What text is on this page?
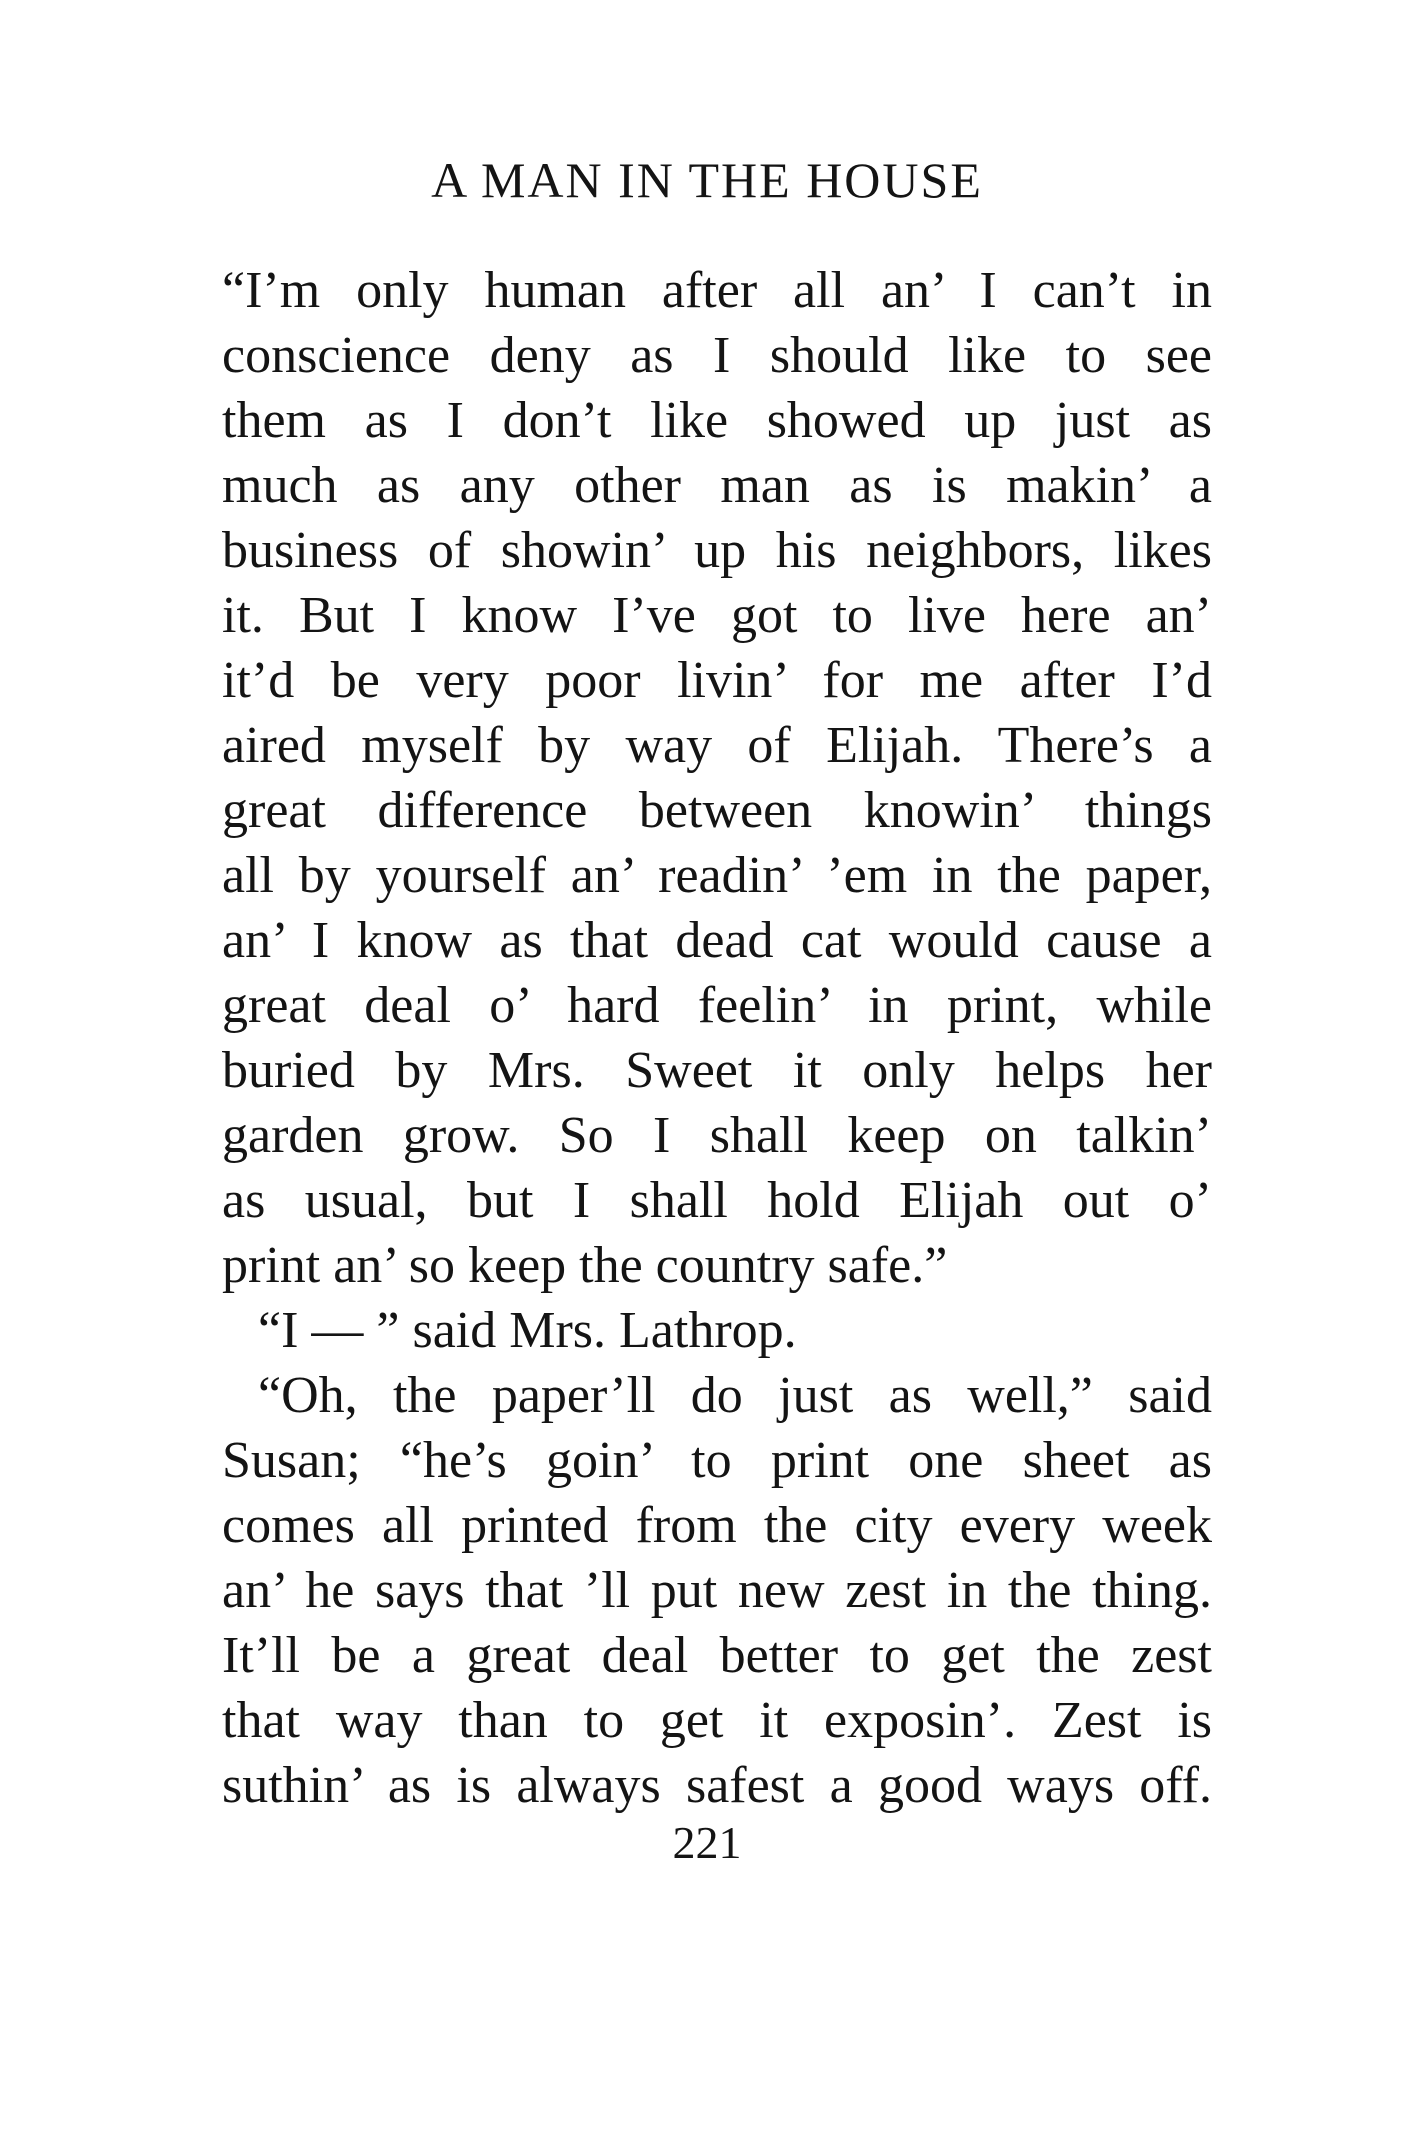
A MAN IN THE HOUSE
“I’m only human after all an’ I can’t in
conscience deny as I should like to see
them as I don’t like showed up just as
much as any other man as is makin’ a
business of showin’ up his neighbors, likes
it. But I know I’ve got to live here an’
it’d be very poor livin’ for me after I’d
aired myself by way of Elijah. There’s a
great difference between knowin’ things
all by yourself an’ readin’ ’em in the paper,
an’ I know as that dead cat would cause a
great deal o’ hard feelin’ in print, while
buried by Mrs. Sweet it only helps her
garden grow. So I shall keep on talkin’
as usual, but I shall hold Elijah out o’
print an’ so keep the country safe.”
“I — ” said Mrs. Lathrop.
“Oh, the paper’ll do just as well,” said
Susan; “he’s goin’ to print one sheet as
comes all printed from the city every week
an’ he says that ’ll put new zest in the thing.
It’ll be a great deal better to get the zest
that way than to get it exposin’. Zest is
suthin’ as is always safest a good ways off.
221
